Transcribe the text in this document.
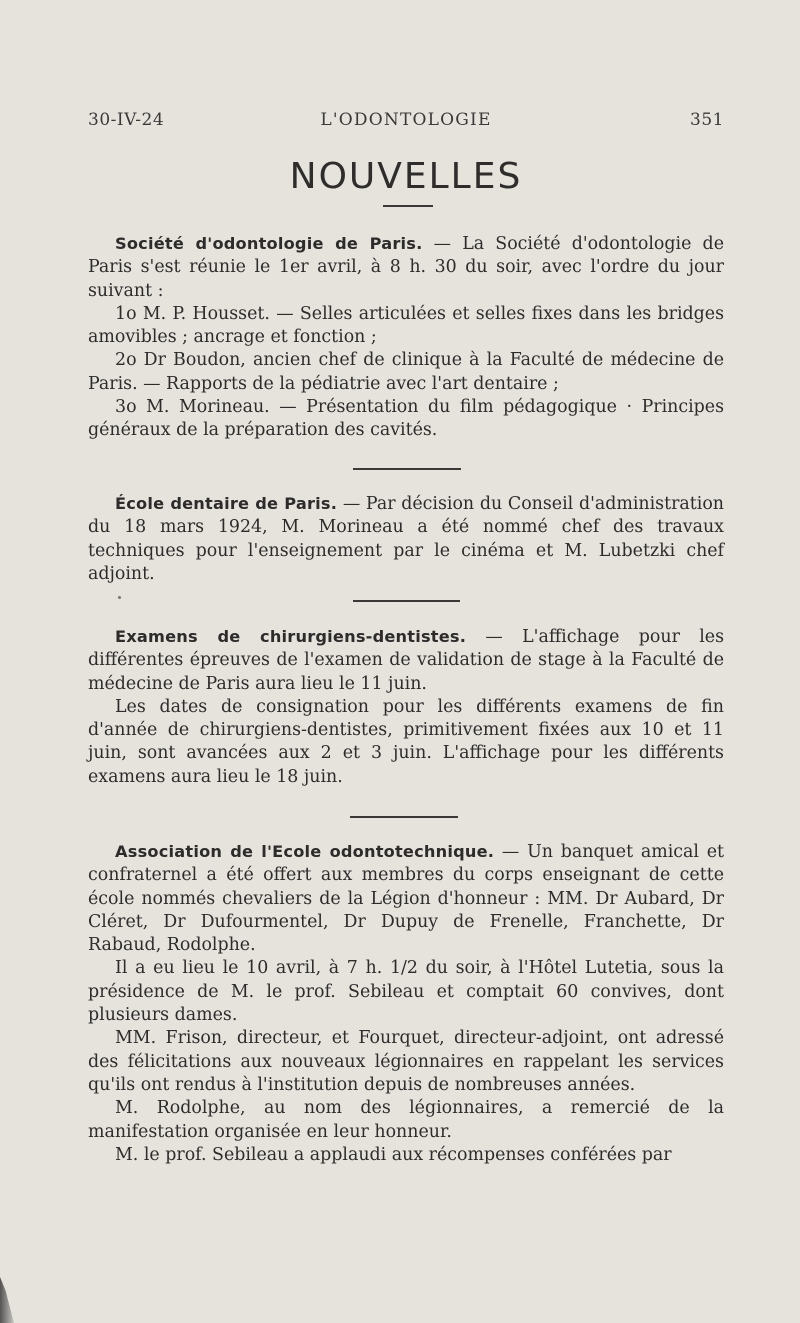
30-IV-24	L'ODONTOLOGIE	351
NOUVELLES

Société d'odontologie de Paris. — La Société d'odontologie de Paris s'est réunie le 1er avril, à 8 h. 30 du soir, avec l'ordre du jour suivant :

1o M. P. Housset. — Selles articulées et selles fixes dans les bridges amovibles ; ancrage et fonction ;

2o Dr Boudon, ancien chef de clinique à la Faculté de médecine de Paris. — Rapports de la pédiatrie avec l'art dentaire ;

3o M. Morineau. — Présentation du film pédagogique · Principes généraux de la préparation des cavités.

École dentaire de Paris. — Par décision du Conseil d'administration du 18 mars 1924, M. Morineau a été nommé chef des travaux techniques pour l'enseignement par le cinéma et M. Lubetzki chef adjoint.

Examens de chirurgiens-dentistes. — L'affichage pour les différentes épreuves de l'examen de validation de stage à la Faculté de médecine de Paris aura lieu le 11 juin.

Les dates de consignation pour les différents examens de fin d'année de chirurgiens-dentistes, primitivement fixées aux 10 et 11 juin, sont avancées aux 2 et 3 juin. L'affichage pour les différents examens aura lieu le 18 juin.

Association de l'Ecole odontotechnique. — Un banquet amical et confraternel a été offert aux membres du corps enseignant de cette école nommés chevaliers de la Légion d'honneur : MM. Dr Aubard, Dr Cléret, Dr Dufourmentel, Dr Dupuy de Frenelle, Franchette, Dr Rabaud, Rodolphe.

Il a eu lieu le 10 avril, à 7 h. 1/2 du soir, à l'Hôtel Lutetia, sous la présidence de M. le prof. Sebileau et comptait 60 convives, dont plusieurs dames.

MM. Frison, directeur, et Fourquet, directeur-adjoint, ont adressé des félicitations aux nouveaux légionnaires en rappelant les services qu'ils ont rendus à l'institution depuis de nombreuses années.

M. Rodolphe, au nom des légionnaires, a remercié de la manifestation organisée en leur honneur.

M. le prof. Sebileau a applaudi aux récompenses conférées par
